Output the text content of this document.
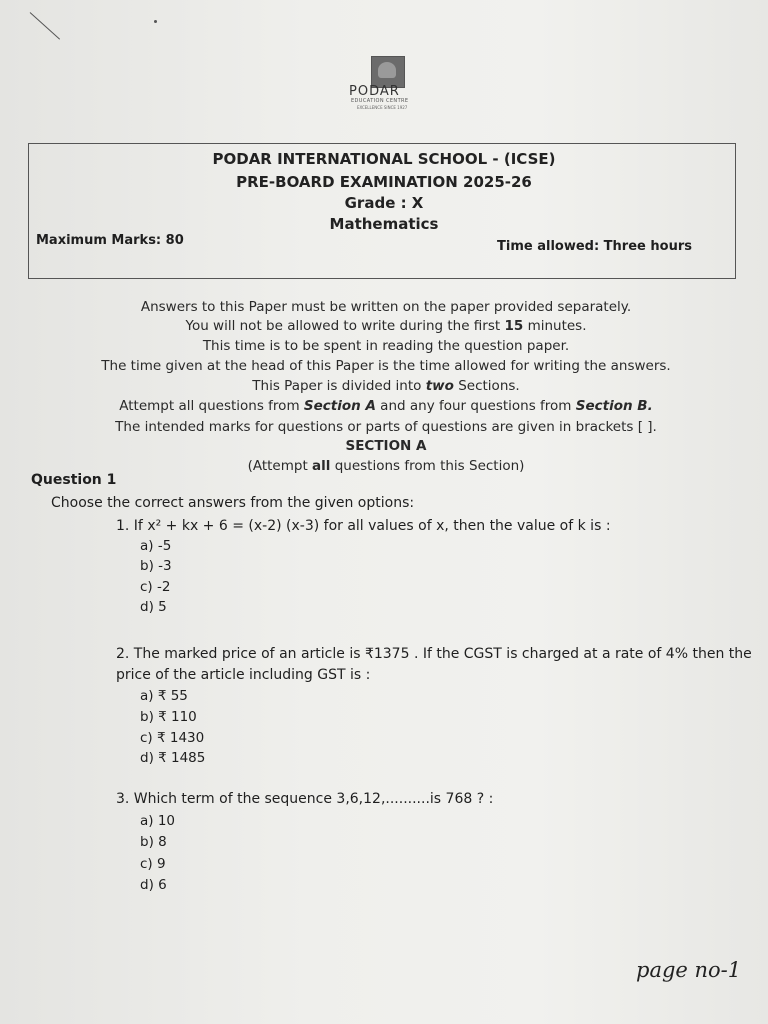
PODAR
EDUCATION CENTRE
EXCELLENCE SINCE 1927
PODAR INTERNATIONAL SCHOOL - (ICSE)
PRE-BOARD EXAMINATION 2025-26
Grade : X
Mathematics
Maximum Marks: 80	Time allowed: Three hours
Answers to this Paper must be written on the paper provided separately.
You will not be allowed to write during the first 15 minutes.
This time is to be spent in reading the question paper.
The time given at the head of this Paper is the time allowed for writing the answers.
This Paper is divided into two Sections.
Attempt all questions from Section A and any four questions from Section B.
The intended marks for questions or parts of questions are given in brackets [ ].
SECTION A
(Attempt all questions from this Section)
Question 1
Choose the correct answers from the given options:
1. If x² + kx + 6 = (x-2) (x-3) for all values of x, then the value of k is :
a) -5
b) -3
c) -2
d) 5
2. The marked price of an article is ₹1375 . If the CGST is charged at a rate of 4% then the
price of the article including GST is :
a) ₹ 55
b) ₹ 110
c) ₹ 1430
d) ₹ 1485
3. Which term of the sequence 3,6,12,..........is 768 ? :
a) 10
b) 8
c) 9
d) 6
page no-1
